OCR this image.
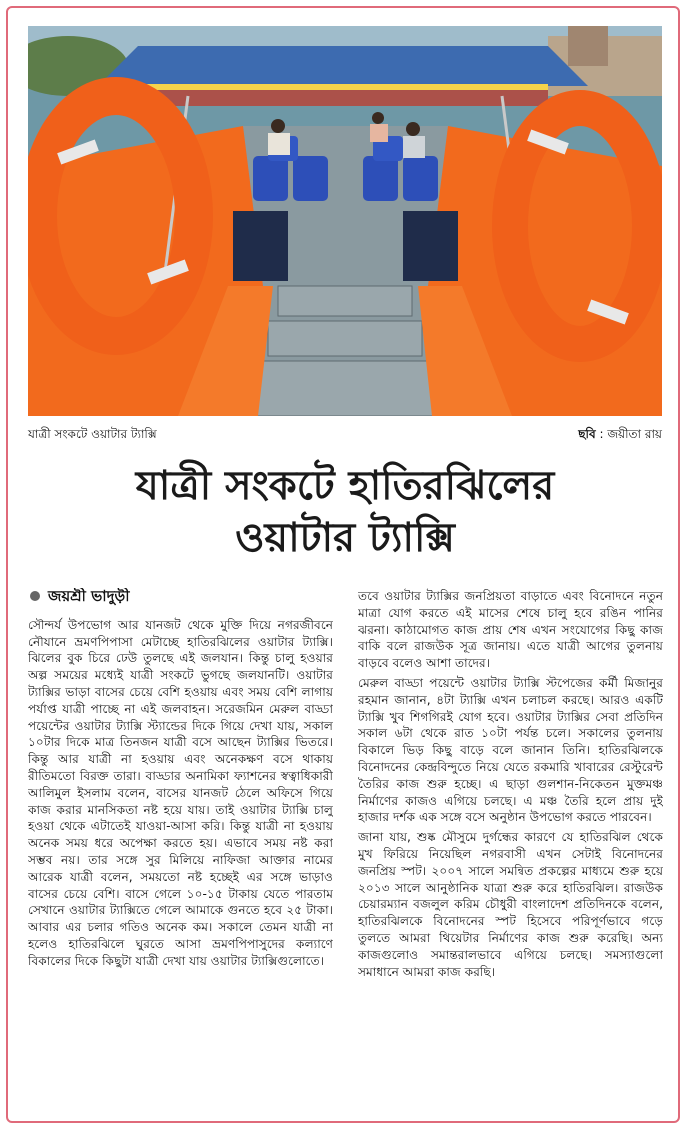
যাত্রী সংকটে ওয়াটার ট্যাক্সি	ছবি : জয়ীতা রায়
যাত্রী সংকটে হাতিরঝিলের
ওয়াটার ট্যাক্সি
জয়শ্রী ভাদুড়ী

সৌন্দর্য উপভোগ আর যানজট থেকে মুক্তি দিয়ে নগরজীবনে নৌযানে ভ্রমণপিপাসা মেটাচ্ছে হাতিরঝিলের ওয়াটার ট্যাক্সি। ঝিলের বুক চিরে ঢেউ তুলছে এই জলযান। কিন্তু চালু হওয়ার অল্প সময়ের মধ্যেই যাত্রী সংকটে ভুগছে জলযানটি। ওয়াটার ট্যাক্সির ভাড়া বাসের চেয়ে বেশি হওয়ায় এবং সময় বেশি লাগায় পর্যাপ্ত যাত্রী পাচ্ছে না এই জলবাহন। সরেজমিন মেরুল বাড্ডা পয়েন্টের ওয়াটার ট্যাক্সি স্ট্যান্ডের দিকে গিয়ে দেখা যায়, সকাল ১০টার দিকে মাত্র তিনজন যাত্রী বসে আছেন ট্যাক্সির ভিতরে। কিন্তু আর যাত্রী না হওয়ায় এবং অনেকক্ষণ বসে থাকায় রীতিমতো বিরক্ত তারা। বাড্ডার অনামিকা ফ্যাশনের স্বত্বাধিকারী আলিমুল ইসলাম বলেন, বাসের যানজট ঠেলে অফিসে গিয়ে কাজ করার মানসিকতা নষ্ট হয়ে যায়। তাই ওয়াটার ট্যাক্সি চালু হওয়া থেকে এটাতেই যাওয়া-আসা করি। কিন্তু যাত্রী না হওয়ায় অনেক সময় ধরে অপেক্ষা করতে হয়। এভাবে সময় নষ্ট করা সম্ভব নয়। তার সঙ্গে সুর মিলিয়ে নাফিজা আক্তার নামের আরেক যাত্রী বলেন, সময়তো নষ্ট হচ্ছেই এর সঙ্গে ভাড়াও বাসের চেয়ে বেশি। বাসে গেলে ১০-১৫ টাকায় যেতে পারতাম সেখানে ওয়াটার ট্যাক্সিতে গেলে আমাকে গুনতে হবে ২৫ টাকা। আবার এর চলার গতিও অনেক কম। সকালে তেমন যাত্রী না হলেও হাতিরঝিলে ঘুরতে আসা ভ্রমণপিপাসুদের কল্যাণে বিকালের দিকে কিছুটা যাত্রী দেখা যায় ওয়াটার ট্যাক্সিগুলোতে।

তবে ওয়াটার ট্যাক্সির জনপ্রিয়তা বাড়াতে এবং বিনোদনে নতুন মাত্রা যোগ করতে এই মাসের শেষে চালু হবে রঙিন পানির ঝরনা। কাঠামোগত কাজ প্রায় শেষ এখন সংযোগের কিছু কাজ বাকি বলে রাজউক সূত্র জানায়। এতে যাত্রী আগের তুলনায় বাড়বে বলেও আশা তাদের।

মেরুল বাড্ডা পয়েন্টে ওয়াটার ট্যাক্সি স্টপেজের কর্মী মিজানুর রহমান জানান, ৪টা ট্যাক্সি এখন চলাচল করছে। আরও একটি ট্যাক্সি খুব শিগগিরই যোগ হবে। ওয়াটার ট্যাক্সির সেবা প্রতিদিন সকাল ৬টা থেকে রাত ১০টা পর্যন্ত চলে। সকালের তুলনায় বিকালে ভিড় কিছু বাড়ে বলে জানান তিনি। হাতিরঝিলকে বিনোদনের কেন্দ্রবিন্দুতে নিয়ে যেতে রকমারি খাবারের রেস্টুরেন্ট তৈরির কাজ শুরু হচ্ছে। এ ছাড়া গুলশান-নিকেতন মুক্তমঞ্চ নির্মাণের কাজও এগিয়ে চলছে। এ মঞ্চ তৈরি হলে প্রায় দুই হাজার দর্শক এক সঙ্গে বসে অনুষ্ঠান উপভোগ করতে পারবেন।

জানা যায়, শুষ্ক মৌসুমে দুর্গন্ধের কারণে যে হাতিরঝিল থেকে মুখ ফিরিয়ে নিয়েছিল নগরবাসী এখন সেটাই বিনোদনের জনপ্রিয় স্পট। ২০০৭ সালে সমন্বিত প্রকল্পের মাধ্যমে শুরু হয়ে ২০১৩ সালে আনুষ্ঠানিক যাত্রা শুরু করে হাতিরঝিল। রাজউক চেয়ারম্যান বজলুল করিম চৌধুরী বাংলাদেশ প্রতিদিনকে বলেন, হাতিরঝিলকে বিনোদনের স্পট হিসেবে পরিপূর্ণভাবে গড়ে তুলতে আমরা থিয়েটার নির্মাণের কাজ শুরু করেছি। অন্য কাজগুলোও সমান্তরালভাবে এগিয়ে চলছে। সমস্যাগুলো সমাধানে আমরা কাজ করছি।
